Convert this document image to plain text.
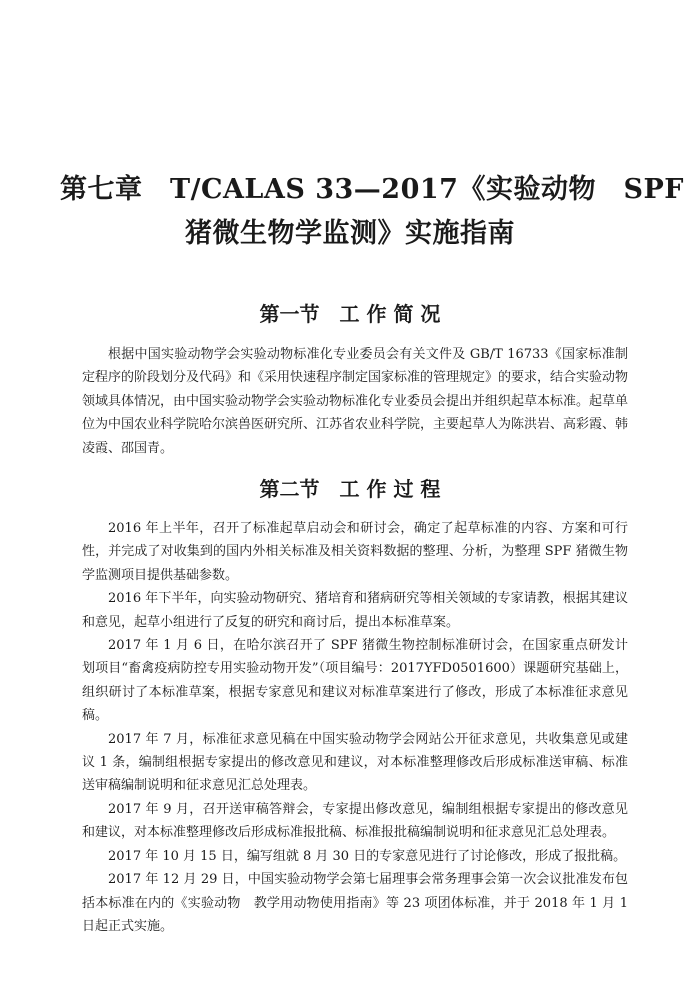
第七章　T/CALAS 33—2017《实验动物　SPF
猪微生物学监测》实施指南
第一节　工 作 简 况

根据中国实验动物学会实验动物标准化专业委员会有关文件及 GB/T 16733《国家标准制定程序的阶段划分及代码》和《采用快速程序制定国家标准的管理规定》的要求，结合实验动物领域具体情况，由中国实验动物学会实验动物标准化专业委员会提出并组织起草本标准。起草单位为中国农业科学院哈尔滨兽医研究所、江苏省农业科学院，主要起草人为陈洪岩、高彩霞、韩凌霞、邵国青。

第二节　工 作 过 程

2016 年上半年，召开了标准起草启动会和研讨会，确定了起草标准的内容、方案和可行性，并完成了对收集到的国内外相关标准及相关资料数据的整理、分析，为整理 SPF 猪微生物学监测项目提供基础参数。

2016 年下半年，向实验动物研究、猪培育和猪病研究等相关领域的专家请教，根据其建议和意见，起草小组进行了反复的研究和商讨后，提出本标准草案。

2017 年 1 月 6 日，在哈尔滨召开了 SPF 猪微生物控制标准研讨会，在国家重点研发计划项目“畜禽疫病防控专用实验动物开发”（项目编号：2017YFD0501600）课题研究基础上，组织研讨了本标准草案，根据专家意见和建议对标准草案进行了修改，形成了本标准征求意见稿。

2017 年 7 月，标准征求意见稿在中国实验动物学会网站公开征求意见，共收集意见或建议 1 条，编制组根据专家提出的修改意见和建议，对本标准整理修改后形成标准送审稿、标准送审稿编制说明和征求意见汇总处理表。

2017 年 9 月，召开送审稿答辩会，专家提出修改意见，编制组根据专家提出的修改意见和建议，对本标准整理修改后形成标准报批稿、标准报批稿编制说明和征求意见汇总处理表。

2017 年 10 月 15 日，编写组就 8 月 30 日的专家意见进行了讨论修改，形成了报批稿。

2017 年 12 月 29 日，中国实验动物学会第七届理事会常务理事会第一次会议批准发布包括本标准在内的《实验动物　教学用动物使用指南》等 23 项团体标准，并于 2018 年 1 月 1 日起正式实施。
